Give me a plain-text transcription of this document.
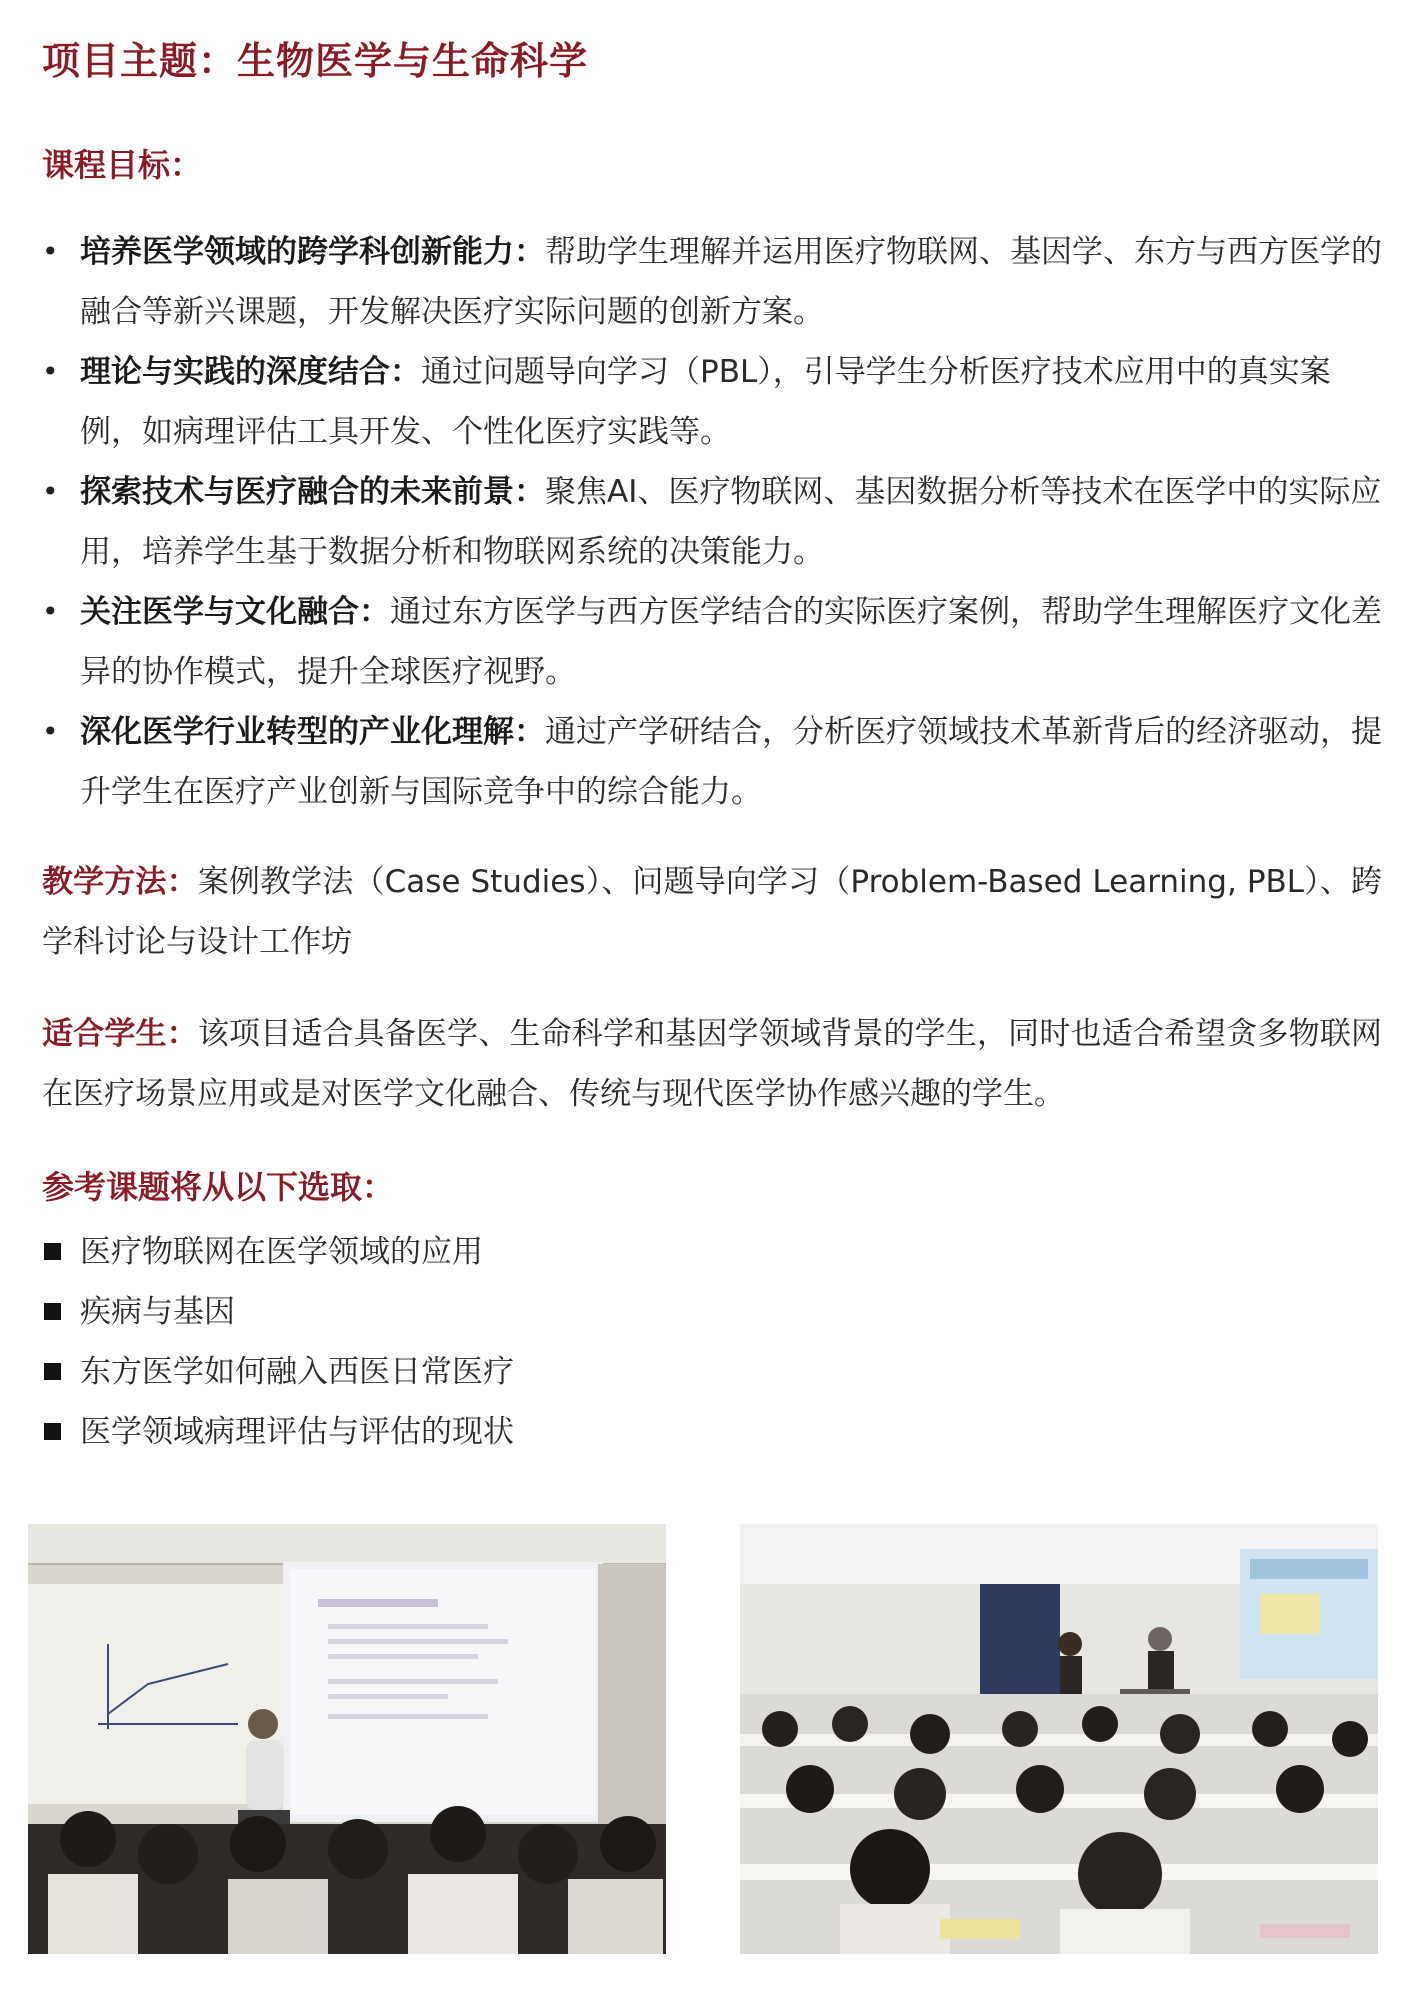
项目主题：生物医学与生命科学
课程目标：
• 培养医学领域的跨学科创新能力：帮助学生理解并运用医疗物联网、基因学、东方与西方医学的融合等新兴课题，开发解决医疗实际问题的创新方案。
• 理论与实践的深度结合：通过问题导向学习（PBL），引导学生分析医疗技术应用中的真实案例，如病理评估工具开发、个性化医疗实践等。
• 探索技术与医疗融合的未来前景：聚焦AI、医疗物联网、基因数据分析等技术在医学中的实际应用，培养学生基于数据分析和物联网系统的决策能力。
• 关注医学与文化融合：通过东方医学与西方医学结合的实际医疗案例，帮助学生理解医疗文化差异的协作模式，提升全球医疗视野。
• 深化医学行业转型的产业化理解：通过产学研结合，分析医疗领域技术革新背后的经济驱动，提升学生在医疗产业创新与国际竞争中的综合能力。
教学方法：案例教学法（Case Studies）、问题导向学习（Problem-Based Learning, PBL）、跨学科讨论与设计工作坊
适合学生：该项目适合具备医学、生命科学和基因学领域背景的学生，同时也适合希望贪多物联网在医疗场景应用或是对医学文化融合、传统与现代医学协作感兴趣的学生。
参考课题将从以下选取：
医疗物联网在医学领域的应用
疾病与基因
东方医学如何融入西医日常医疗
医学领域病理评估与评估的现状
